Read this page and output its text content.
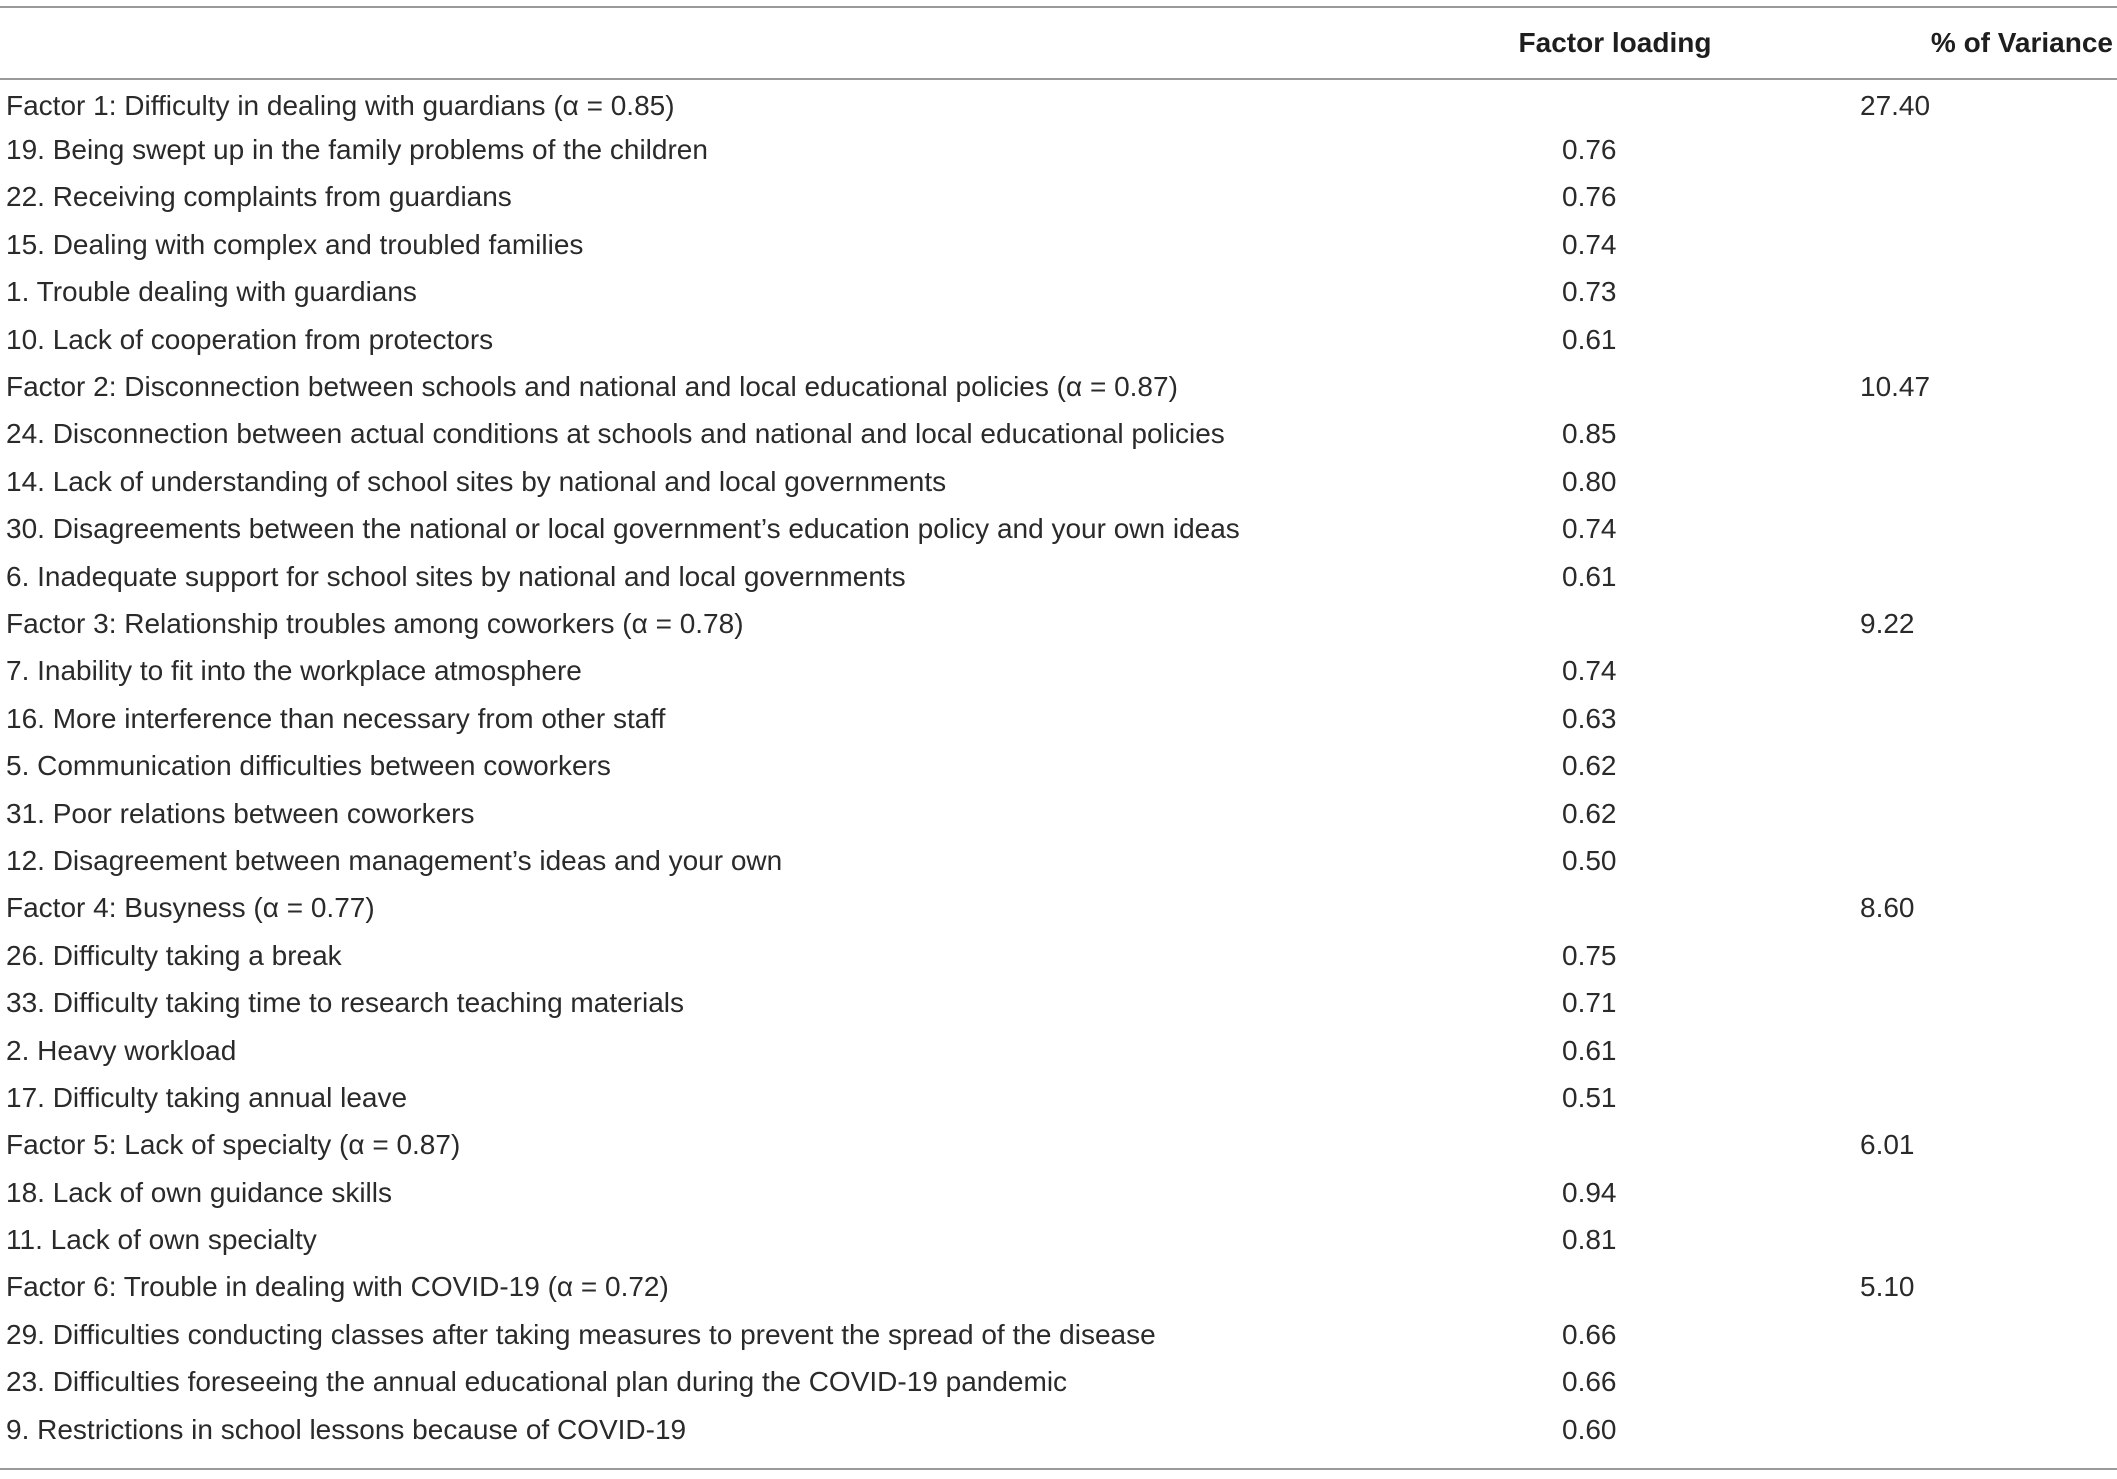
	Factor loading	% of Variance
Factor 1: Difficulty in dealing with guardians (α = 0.85)		27.40
19. Being swept up in the family problems of the children	0.76	
22. Receiving complaints from guardians	0.76	
15. Dealing with complex and troubled families	0.74	
1. Trouble dealing with guardians	0.73	
10. Lack of cooperation from protectors	0.61	
Factor 2: Disconnection between schools and national and local educational policies (α = 0.87)		10.47
24. Disconnection between actual conditions at schools and national and local educational policies	0.85	
14. Lack of understanding of school sites by national and local governments	0.80	
30. Disagreements between the national or local government’s education policy and your own ideas	0.74	
6. Inadequate support for school sites by national and local governments	0.61	
Factor 3: Relationship troubles among coworkers (α = 0.78)		9.22
7. Inability to fit into the workplace atmosphere	0.74	
16. More interference than necessary from other staff	0.63	
5. Communication difficulties between coworkers	0.62	
31. Poor relations between coworkers	0.62	
12. Disagreement between management’s ideas and your own	0.50	
Factor 4: Busyness (α = 0.77)		8.60
26. Difficulty taking a break	0.75	
33. Difficulty taking time to research teaching materials	0.71	
2. Heavy workload	0.61	
17. Difficulty taking annual leave	0.51	
Factor 5: Lack of specialty (α = 0.87)		6.01
18. Lack of own guidance skills	0.94	
11. Lack of own specialty	0.81	
Factor 6: Trouble in dealing with COVID-19 (α = 0.72)		5.10
29. Difficulties conducting classes after taking measures to prevent the spread of the disease	0.66	
23. Difficulties foreseeing the annual educational plan during the COVID-19 pandemic	0.66	
9. Restrictions in school lessons because of COVID-19	0.60	
